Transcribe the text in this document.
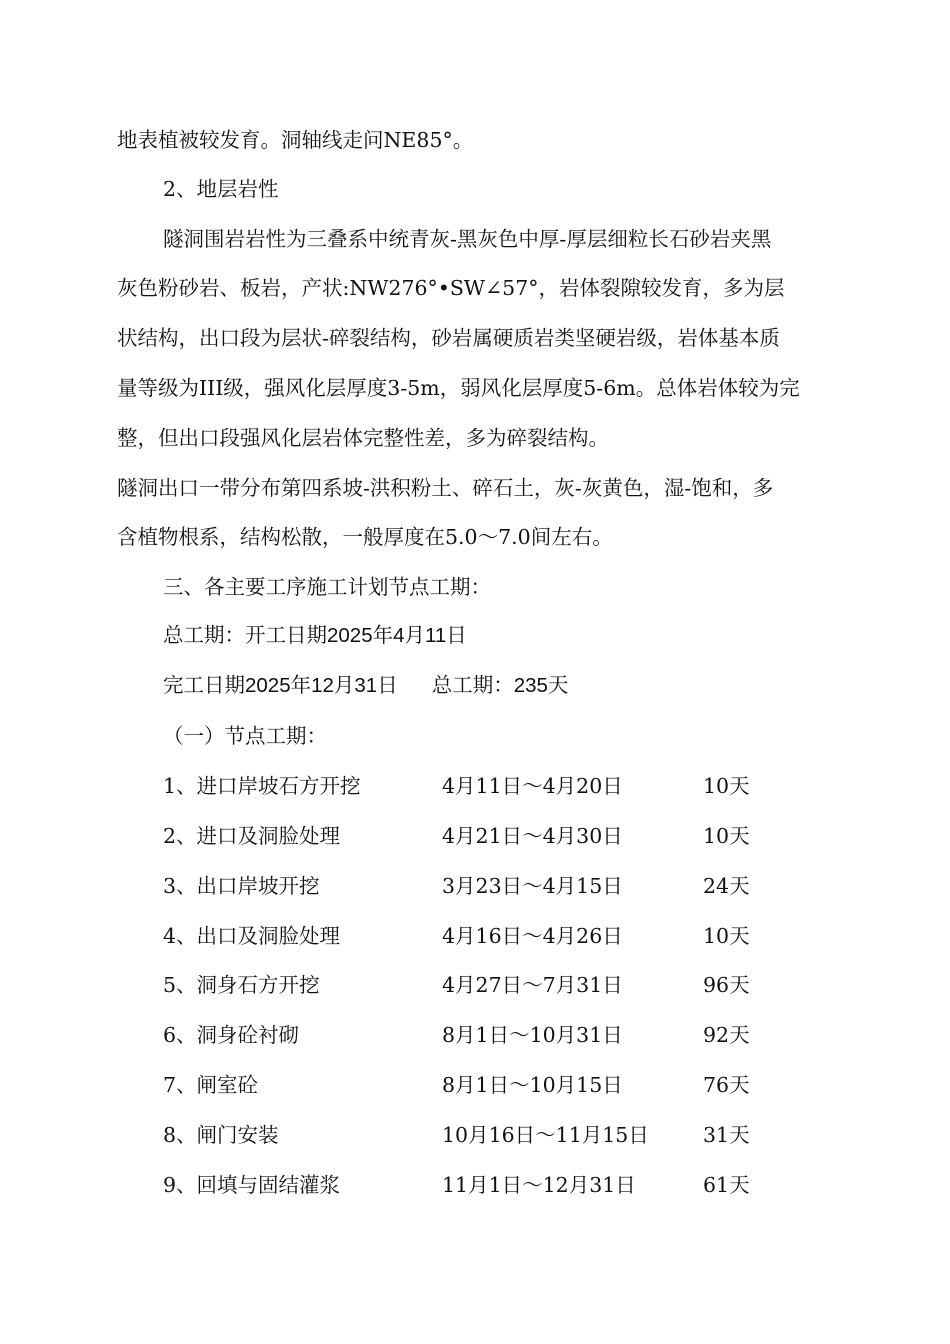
地表植被较发育。洞轴线走问NE85°。
2、地层岩性
隧洞围岩岩性为三叠系中统青灰-黑灰色中厚-厚层细粒长石砂岩夹黑
灰色粉砂岩、板岩，产状:NW276°•SW∠57°，岩体裂隙较发育，多为层
状结构，出口段为层状-碎裂结构，砂岩属硬质岩类坚硬岩级，岩体基本质
量等级为III级，强风化层厚度3-5m，弱风化层厚度5-6m。总体岩体较为完
整，但出口段强风化层岩体完整性差，多为碎裂结构。
隧洞出口一带分布第四系坡-洪积粉土、碎石土，灰-灰黄色，湿-饱和，多
含植物根系，结构松散，一般厚度在5.0～7.0间左右。
三、各主要工序施工计划节点工期：
总工期：开工日期2025年4月11日
完工日期2025年12月31日 总工期：235天
（一）节点工期：
1、进口岸坡石方开挖	4月11日～4月20日	10天
2、进口及洞脸处理	4月21日～4月30日	10天
3、出口岸坡开挖	3月23日～4月15日	24天
4、出口及洞脸处理	4月16日～4月26日	10天
5、洞身石方开挖	4月27日～7月31日	96天
6、洞身砼衬砌	8月1日～10月31日	92天
7、闸室砼	8月1日～10月15日	76天
8、闸门安装	10月16日～11月15日	31天
9、回填与固结灌浆	11月1日～12月31日	61天
